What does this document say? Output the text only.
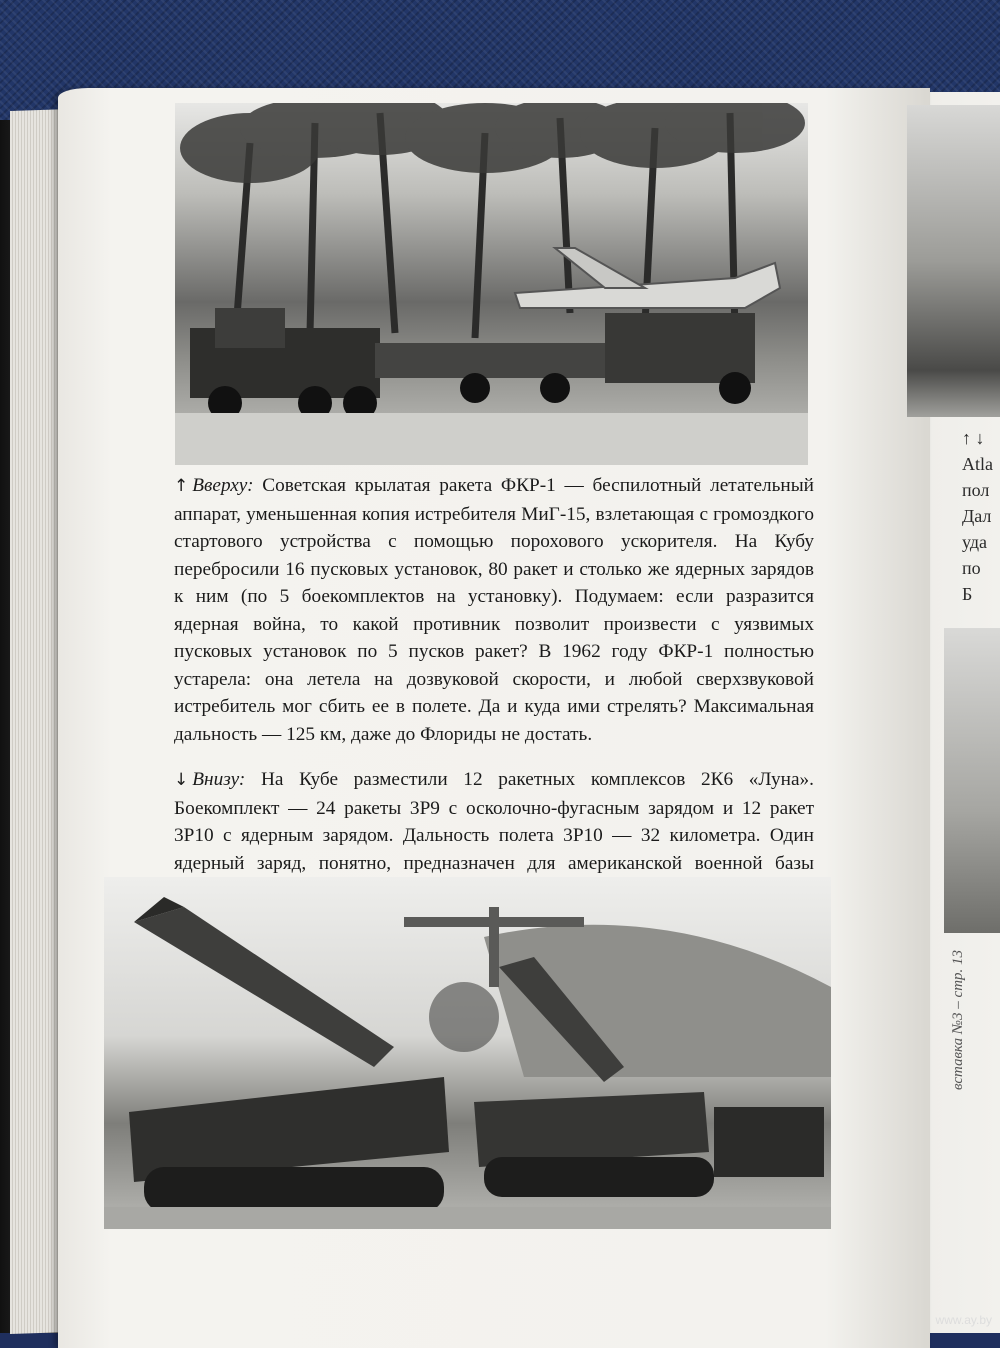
↑ Вверху: Советская крылатая ракета ФКР-1 — беспилотный летательный аппарат, уменьшенная копия истребителя МиГ-15, взлетающая с громоздкого стартового устройства с помощью порохового ускорителя. На Кубу перебросили 16 пусковых установок, 80 ракет и столько же ядерных зарядов к ним (по 5 боекомплектов на установку). Подумаем: если разразится ядерная война, то какой противник позволит произвести с уязвимых пусковых установок по 5 пусков ракет? В 1962 году ФКР-1 полностью устарела: она летела на дозвуковой скорости, и любой сверхзвуковой истребитель мог сбить ее в полете. Да и куда ими стрелять? Максимальная дальность — 125 км, даже до Флориды не достать.

↓ Внизу: На Кубе разместили 12 ракетных комплексов 2К6 «Луна». Боекомплект — 24 ракеты 3Р9 с осколочно-фугасным зарядом и 12 ракет 3Р10 с ядерным зарядом. Дальность полета 3Р10 — 32 километра. Один ядерный заряд, понятно, предназначен для американской военной базы

↑ ↓
Atla
пол
Дал
уда
по
Б
вставка №3 – стр. 13
www.ay.by
